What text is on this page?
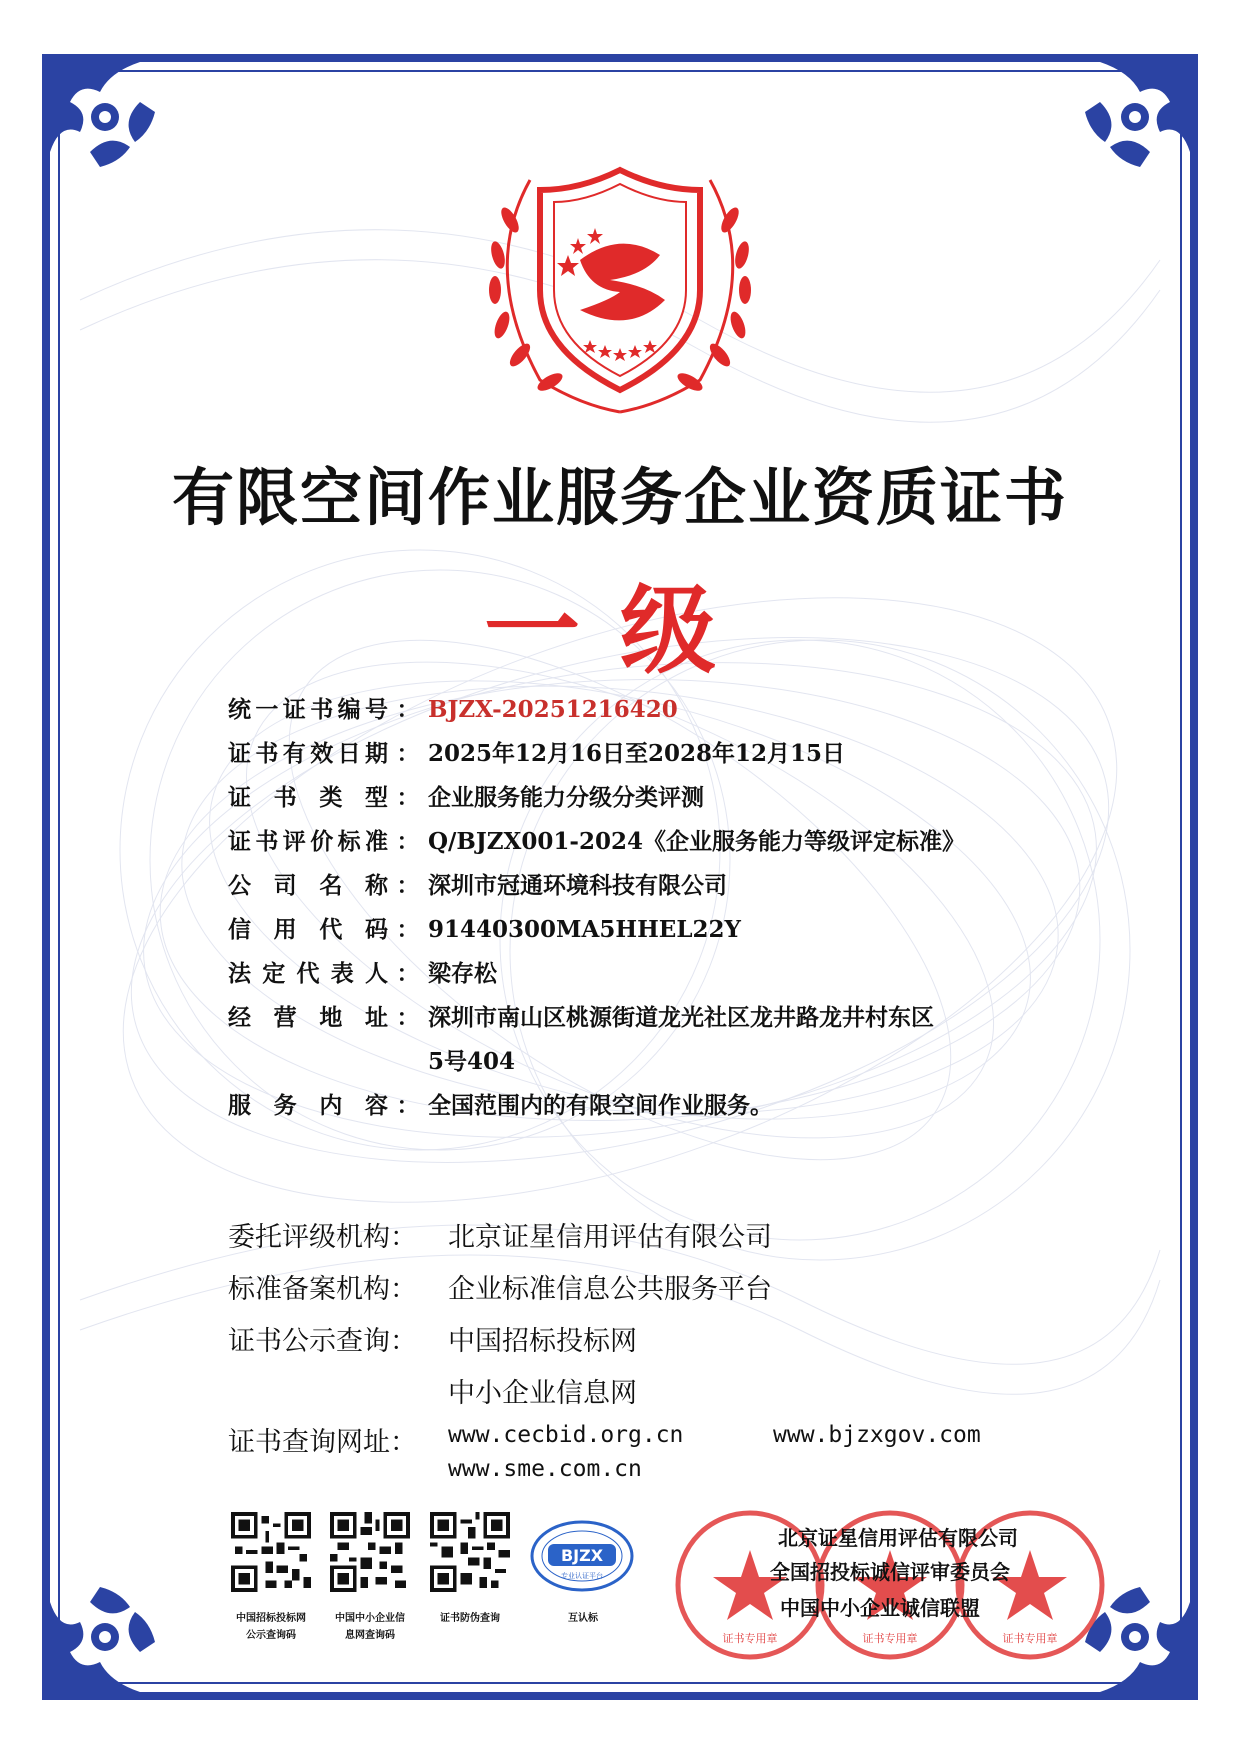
有限空间作业服务企业资质证书
一级
统一证书编号 ： BJZX-20251216420
证书有效日期 ： 2025年12月16日至2028年12月15日
证书类型 ： 企业服务能力分级分类评测
证书评价标准 ： Q/BJZX001-2024《企业服务能力等级评定标准》
公司名称 ： 深圳市冠通环境科技有限公司
信用代码 ： 91440300MA5HHEL22Y
法定代表人 ： 梁存松
经营地址 ： 深圳市南山区桃源街道龙光社区龙井路龙井村东区
5号404
服务内容 ： 全国范围内的有限空间作业服务。
委托评级机构：	北京证星信用评估有限公司
标准备案机构：	企业标准信息公共服务平台
证书公示查询：	中国招标投标网
中小企业信息网
证书查询网址： www.cecbid.org.cn	www.bjzxgov.com
www.sme.com.cn
中国招标投标网
公示查询码
中国中小企业信
息网查询码
证书防伪查询
BJZX
专业认证平台
互认标
证书专用章	证书专用章	证书专用章
北京证星信用评估有限公司
全国招投标诚信评审委员会
中国中小企业诚信联盟
